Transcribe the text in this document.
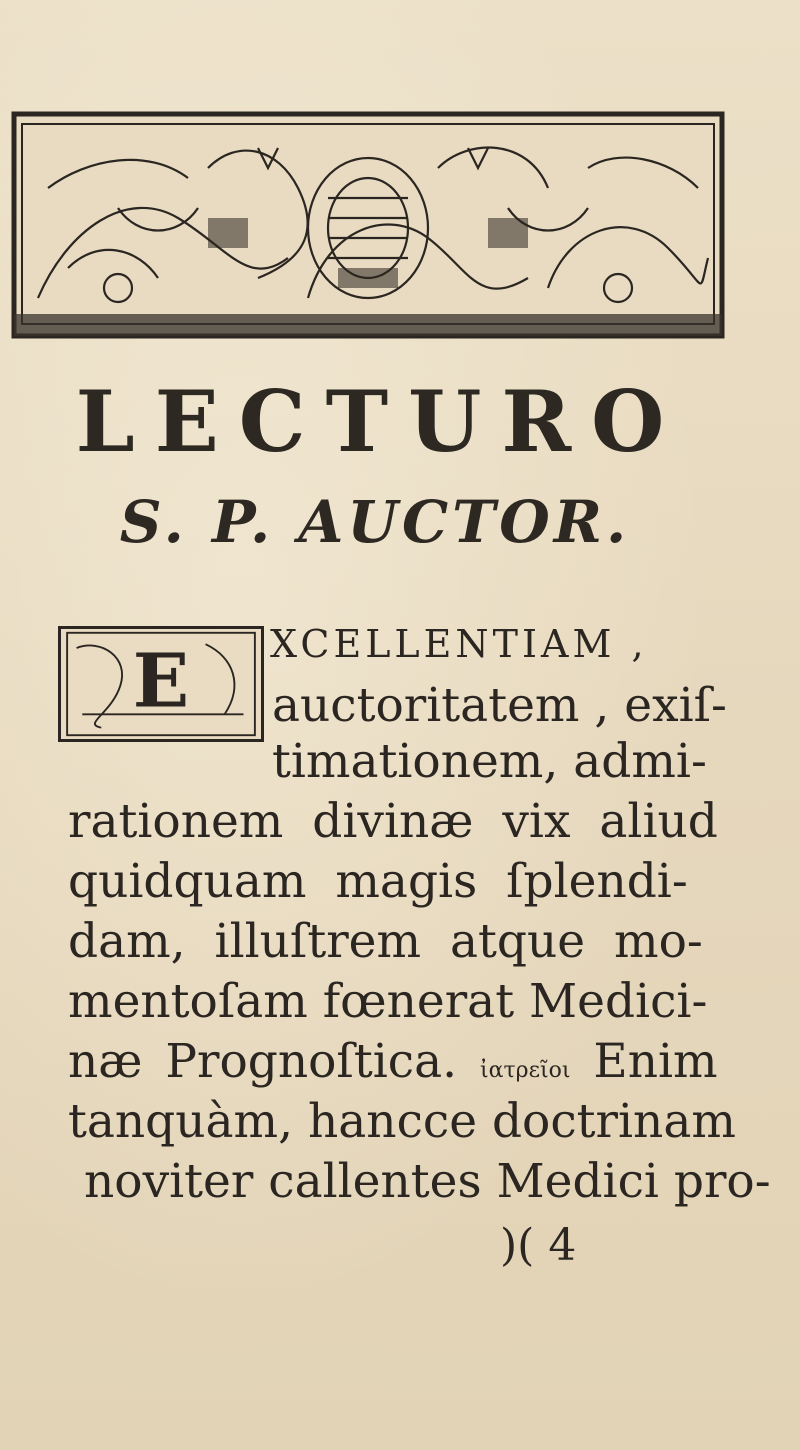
LECTURO
S. P. AUCTOR.
E XCELLENTIAM ,
auctoritatem , exiſ-
timationem, admi-
rationem divinæ vix aliud
quidquam magis ſplendi-
dam, illuſtrem atque mo-
mentoſam fœnerat Medici-
næ Prognoſtica. ἰατρεῖοι Enim
tanquàm, hancce doctrinam
noviter callentes Medici pro-
)( 4
